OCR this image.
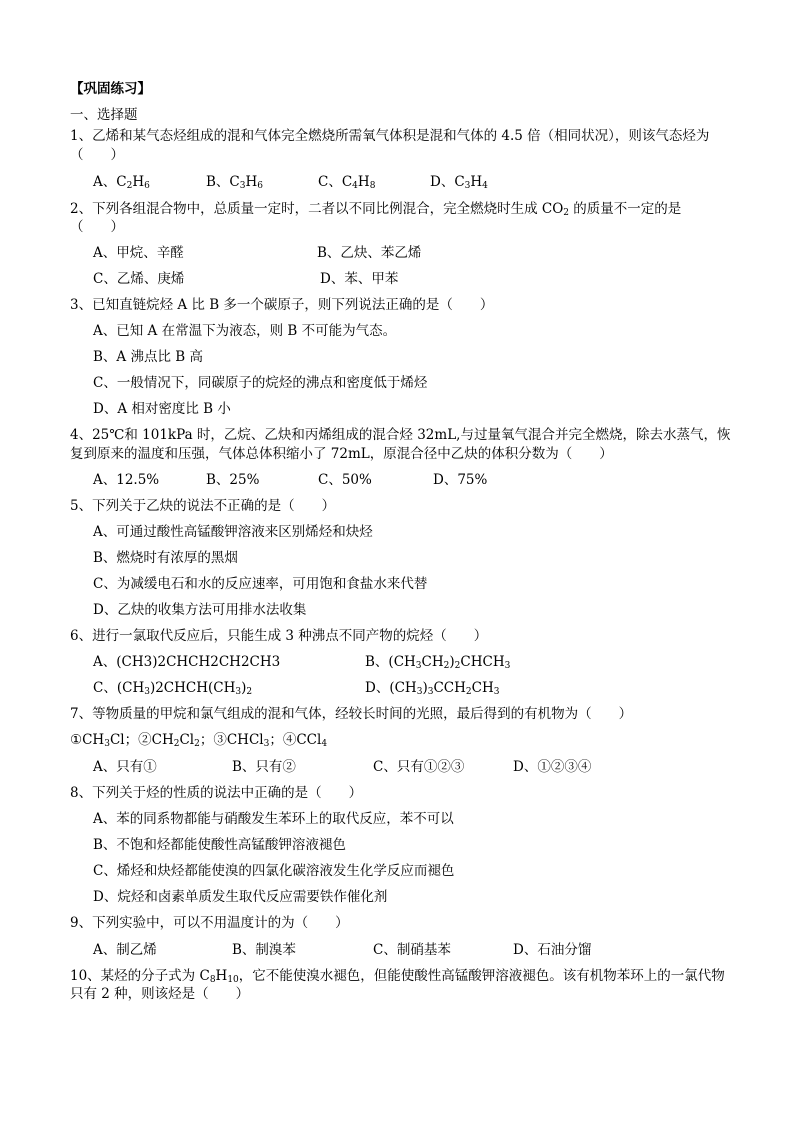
【巩固练习】
一、选择题
1、乙烯和某气态烃组成的混和气体完全燃烧所需氧气体积是混和气体的 4.5 倍（相同状况），则该气态烃为
（　　）
A、$C_2H_6$	B、$C_3H_6$	C、$C_4H_8$	D、$C_3H_4$
2、下列各组混合物中，总质量一定时，二者以不同比例混合，完全燃烧时生成 $CO_2$ 的质量不一定的是
（　　）
A、甲烷、辛醛	B、乙炔、苯乙烯
C、乙烯、庚烯	D、苯、甲苯
3、已知直链烷烃 A 比 B 多一个碳原子，则下列说法正确的是（　　）
A、已知 A 在常温下为液态，则 B 不可能为气态。
B、A 沸点比 B 高
C、一般情况下，同碳原子的烷烃的沸点和密度低于烯烃
D、A 相对密度比 B 小
4、25℃和 101kPa 时，乙烷、乙炔和丙烯组成的混合烃 32mL,与过量氧气混合并完全燃烧，除去水蒸气，恢
复到原来的温度和压强，气体总体积缩小了 72mL，原混合径中乙炔的体积分数为（　　）
A、12.5%	B、25%	C、50%	D、75%
5、下列关于乙炔的说法不正确的是（　　）
A、可通过酸性高锰酸钾溶液来区别烯烃和炔烃
B、燃烧时有浓厚的黑烟
C、为减缓电石和水的反应速率，可用饱和食盐水来代替
D、乙炔的收集方法可用排水法收集
6、进行一氯取代反应后，只能生成 3 种沸点不同产物的烷烃（　　）
A、(CH3)2CHCH2CH2CH3	B、$(CH_3CH_2)_2CHCH_3$
C、$(CH_3)2CHCH(CH_3)_2$	D、$(CH_3)_3CCH_2CH_3$
7、等物质量的甲烷和氯气组成的混和气体，经较长时间的光照，最后得到的有机物为（　　）
$①CH_3Cl$；$②CH_2Cl_2$；③CHCl$_3$；④CCl$_4$
A、只有①	B、只有②	C、只有①②③	D、①②③④
8、下列关于烃的性质的说法中正确的是（　　）
A、苯的同系物都能与硝酸发生苯环上的取代反应，苯不可以
B、不饱和烃都能使酸性高锰酸钾溶液褪色
C、烯烃和炔烃都能使溴的四氯化碳溶液发生化学反应而褪色
D、烷烃和卤素单质发生取代反应需要铁作催化剂
9、下列实验中，可以不用温度计的为（　　）
A、制乙烯	B、制溴苯	C、制硝基苯	D、石油分馏
10、某烃的分子式为 $C_8H_{10}$，它不能使溴水褪色，但能使酸性高锰酸钾溶液褪色。该有机物苯环上的一氯代物
只有 2 种，则该烃是（　　）
